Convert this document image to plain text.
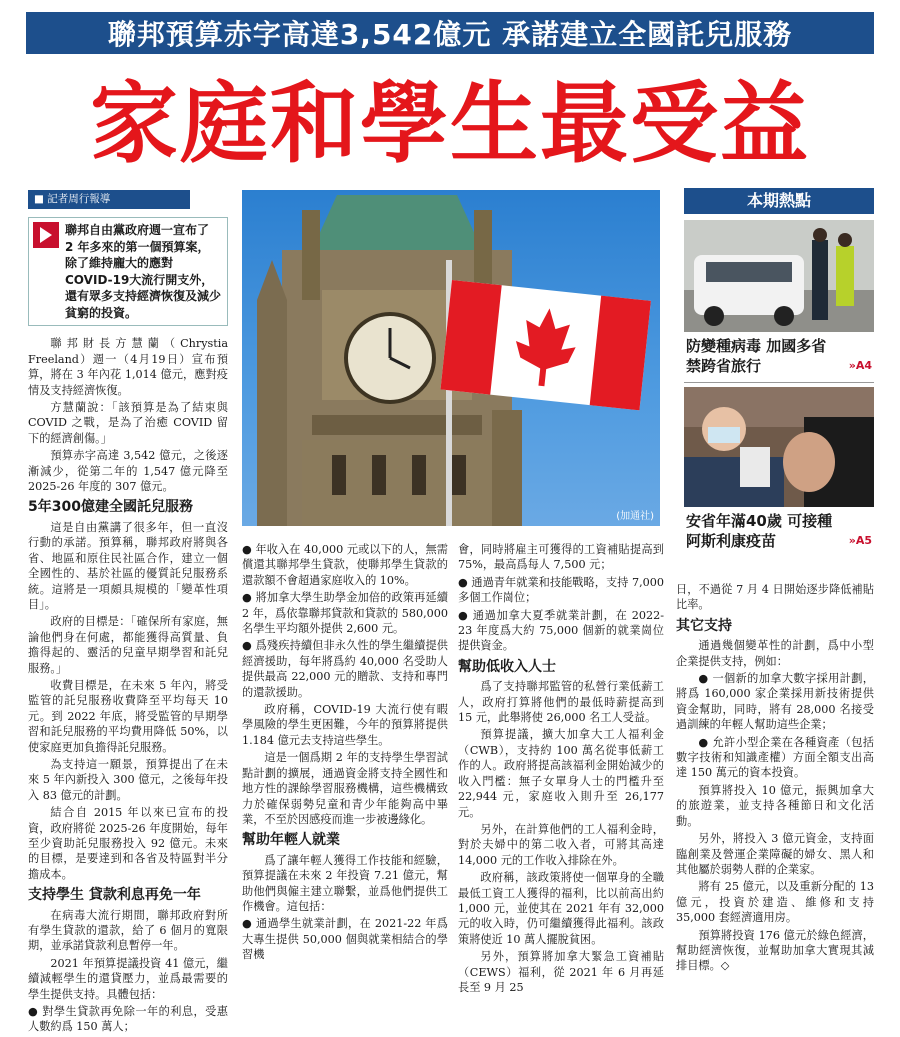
聯邦預算赤字高達3,542億元 承諾建立全國託兒服務
家庭和學生最受益
■ 記者周行報導
聯邦自由黨政府週一宣布了 2 年多來的第一個預算案，除了維持龐大的應對 COVID-19大流行開支外，還有眾多支持經濟恢復及減少貧窮的投資。

聯邦財長方慧蘭（Chrystia Freeland）週一（4月19日）宣布預算，將在 3 年內花 1,014 億元，應對疫情及支持經濟恢復。

方慧蘭說：「該預算是為了結束與 COVID 之戰，是為了治癒 COVID 留下的經濟創傷。」

預算赤字高達 3,542 億元，之後逐漸減少，從第二年的 1,547 億元降至 2025-26 年度的 307 億元。

5年300億建全國託兒服務

這是自由黨講了很多年，但一直沒行動的承諾。預算稱，聯邦政府將與各省、地區和原住民社區合作，建立一個全國性的、基於社區的優質託兒服務系統。這將是一項頗具規模的「變革性項目」。

政府的目標是：「確保所有家庭，無論他們身在何處，都能獲得高質量、負擔得起的、靈活的兒童早期學習和託兒服務。」

收費目標是，在未來 5 年內，將受監管的託兒服務收費降至平均每天 10 元。到 2022 年底，將受監管的早期學習和託兒服務的平均費用降低 50%，以使家庭更加負擔得託兒服務。

為支持這一願景，預算提出了在未來 5 年內新投入 300 億元，之後每年投入 83 億元的計劃。

結合自 2015 年以來已宣布的投資，政府將從 2025-26 年度開始，每年至少資助託兒服務投入 92 億元。未來的目標，是要達到和各省及特區對半分擔成本。

支持學生 貸款利息再免一年

在病毒大流行期間，聯邦政府對所有學生貸款的還款，給了 6 個月的寬限期，並承諾貸款利息暫停一年。

2021 年預算提議投資 41 億元，繼續減輕學生的還貸壓力，並爲最需要的學生提供支持。具體包括：

● 對學生貸款再免除一年的利息，受惠人數約爲 150 萬人；

(加通社)

● 年收入在 40,000 元或以下的人，無需償還其聯邦學生貸款，使聯邦學生貸款的還款額不會超過家庭收入的 10%。

● 將加拿大學生助學金加倍的政策再延續 2 年，爲依靠聯邦貸款和貸款的 580,000 名學生平均額外提供 2,600 元。

● 爲殘疾持續但非永久性的學生繼續提供經濟援助，每年將爲約 40,000 名受助人提供最高 22,000 元的贈款、支持和專門的還款援助。

政府稱，COVID-19 大流行使有暇學風險的學生更困難，今年的預算將提供 1.184 億元去支持這些學生。

這是一個爲期 2 年的支持學生學習試點計劃的擴展，通過資金將支持全國性和地方性的課餘學習服務機構，這些機構致力於確保弱勢兒童和青少年能夠高中畢業，不至於因感疫而進一步被邊緣化。

幫助年輕人就業

爲了讓年輕人獲得工作技能和經驗，預算提議在未來 2 年投資 7.21 億元，幫助他們與僱主建立聯繫，並爲他們提供工作機會。這包括：

● 通過學生就業計劃，在 2021-22 年爲大專生提供 50,000 個與就業相結合的學習機

會，同時將雇主可獲得的工資補貼提高到 75%，最高爲每人 7,500 元；

● 通過青年就業和技能戰略，支持 7,000 多個工作崗位；

● 通過加拿大夏季就業計劃，在 2022-23 年度爲大約 75,000 個新的就業崗位提供資金。

幫助低收入人士

爲了支持聯邦監管的私營行業低薪工人，政府打算將他們的最低時薪提高到 15 元，此舉將使 26,000 名工人受益。

預算提議，擴大加拿大工人福利金（CWB），支持約 100 萬名從事低薪工作的人。政府將提高該福利金開始減少的收入門檻：無子女單身人士的門檻升至 22,944 元，家庭收入則升至 26,177 元。

另外，在計算他們的工人福利金時，對於夫婦中的第二收入者，可將其高達 14,000 元的工作收入排除在外。

政府稱，該政策將使一個單身的全職最低工資工人獲得的福利，比以前高出約 1,000 元，並使其在 2021 年有 32,000 元的收入時，仍可繼續獲得此福利。該政策將使近 10 萬人擺脫貧困。

另外，預算將加拿大緊急工資補貼（CEWS）福利，從 2021 年 6 月再延長至 9 月 25

本期熱點
防變種病毒 加國多省禁跨省旅行	»A4
安省年滿40歲 可接種阿斯利康疫苗	»A5

日，不過從 7 月 4 日開始逐步降低補貼比率。

其它支持

通過幾個變革性的計劃，爲中小型企業提供支持，例如：

● 一個新的加拿大數字採用計劃，將爲 160,000 家企業採用新技術提供資金幫助，同時，將有 28,000 名接受過訓練的年輕人幫助這些企業；

● 允許小型企業在各種資產（包括數字技術和知識產權）方面全額支出高達 150 萬元的資本投資。

預算將投入 10 億元，振興加拿大的旅遊業，並支持各種節日和文化活動。

另外，將投入 3 億元資金，支持面臨創業及營運企業障礙的婦女、黑人和其他屬於弱勢人群的企業家。

將有 25 億元，以及重新分配的 13 億元，投資於建造、維修和支持 35,000 套經濟適用房。

預算將投資 176 億元於綠色經濟，幫助經濟恢復，並幫助加拿大實現其減排目標。◇
